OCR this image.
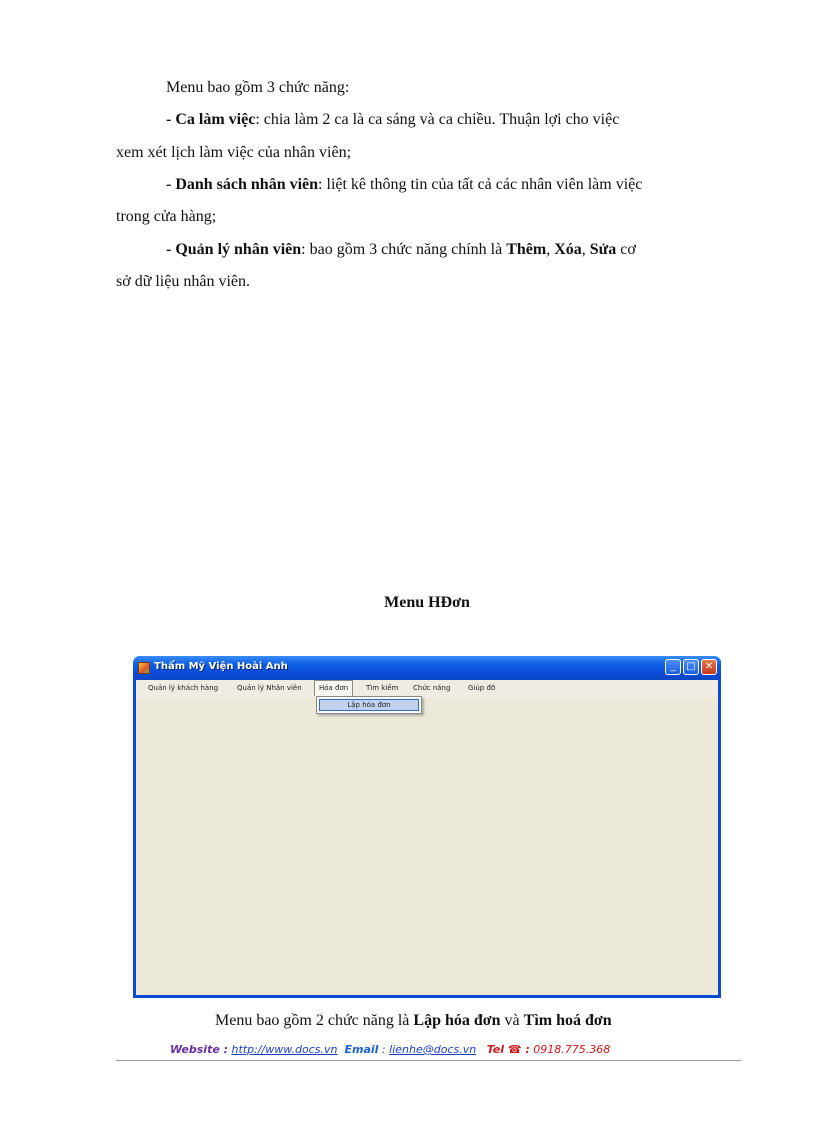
Menu bao gồm 3 chức năng:
- Ca làm việc: chia làm 2 ca là ca sáng và ca chiều. Thuận lợi cho việc
xem xét lịch làm việc của nhân viên;
- Danh sách nhân viên: liệt kê thông tin của tất cả các nhân viên làm việc
trong cửa hàng;
- Quản lý nhân viên: bao gồm 3 chức năng chính là Thêm, Xóa, Sửa cơ
sở dữ liệu nhân viên.
Menu HĐơn
Thẩm Mỹ Viện Hoài Anh	_	□ ✕
Quản lý khách hàng	Quản lý Nhân viên	Hóa đơn	Tìm kiếm	Chức năng	Giúp đỡ
Lập hóa đơn
Menu bao gồm 2 chức năng là Lập hóa đơn và Tìm hoá đơn
Website : http://www.docs.vn Email : lienhe@docs.vn Tel ☎ : 0918.775.368
